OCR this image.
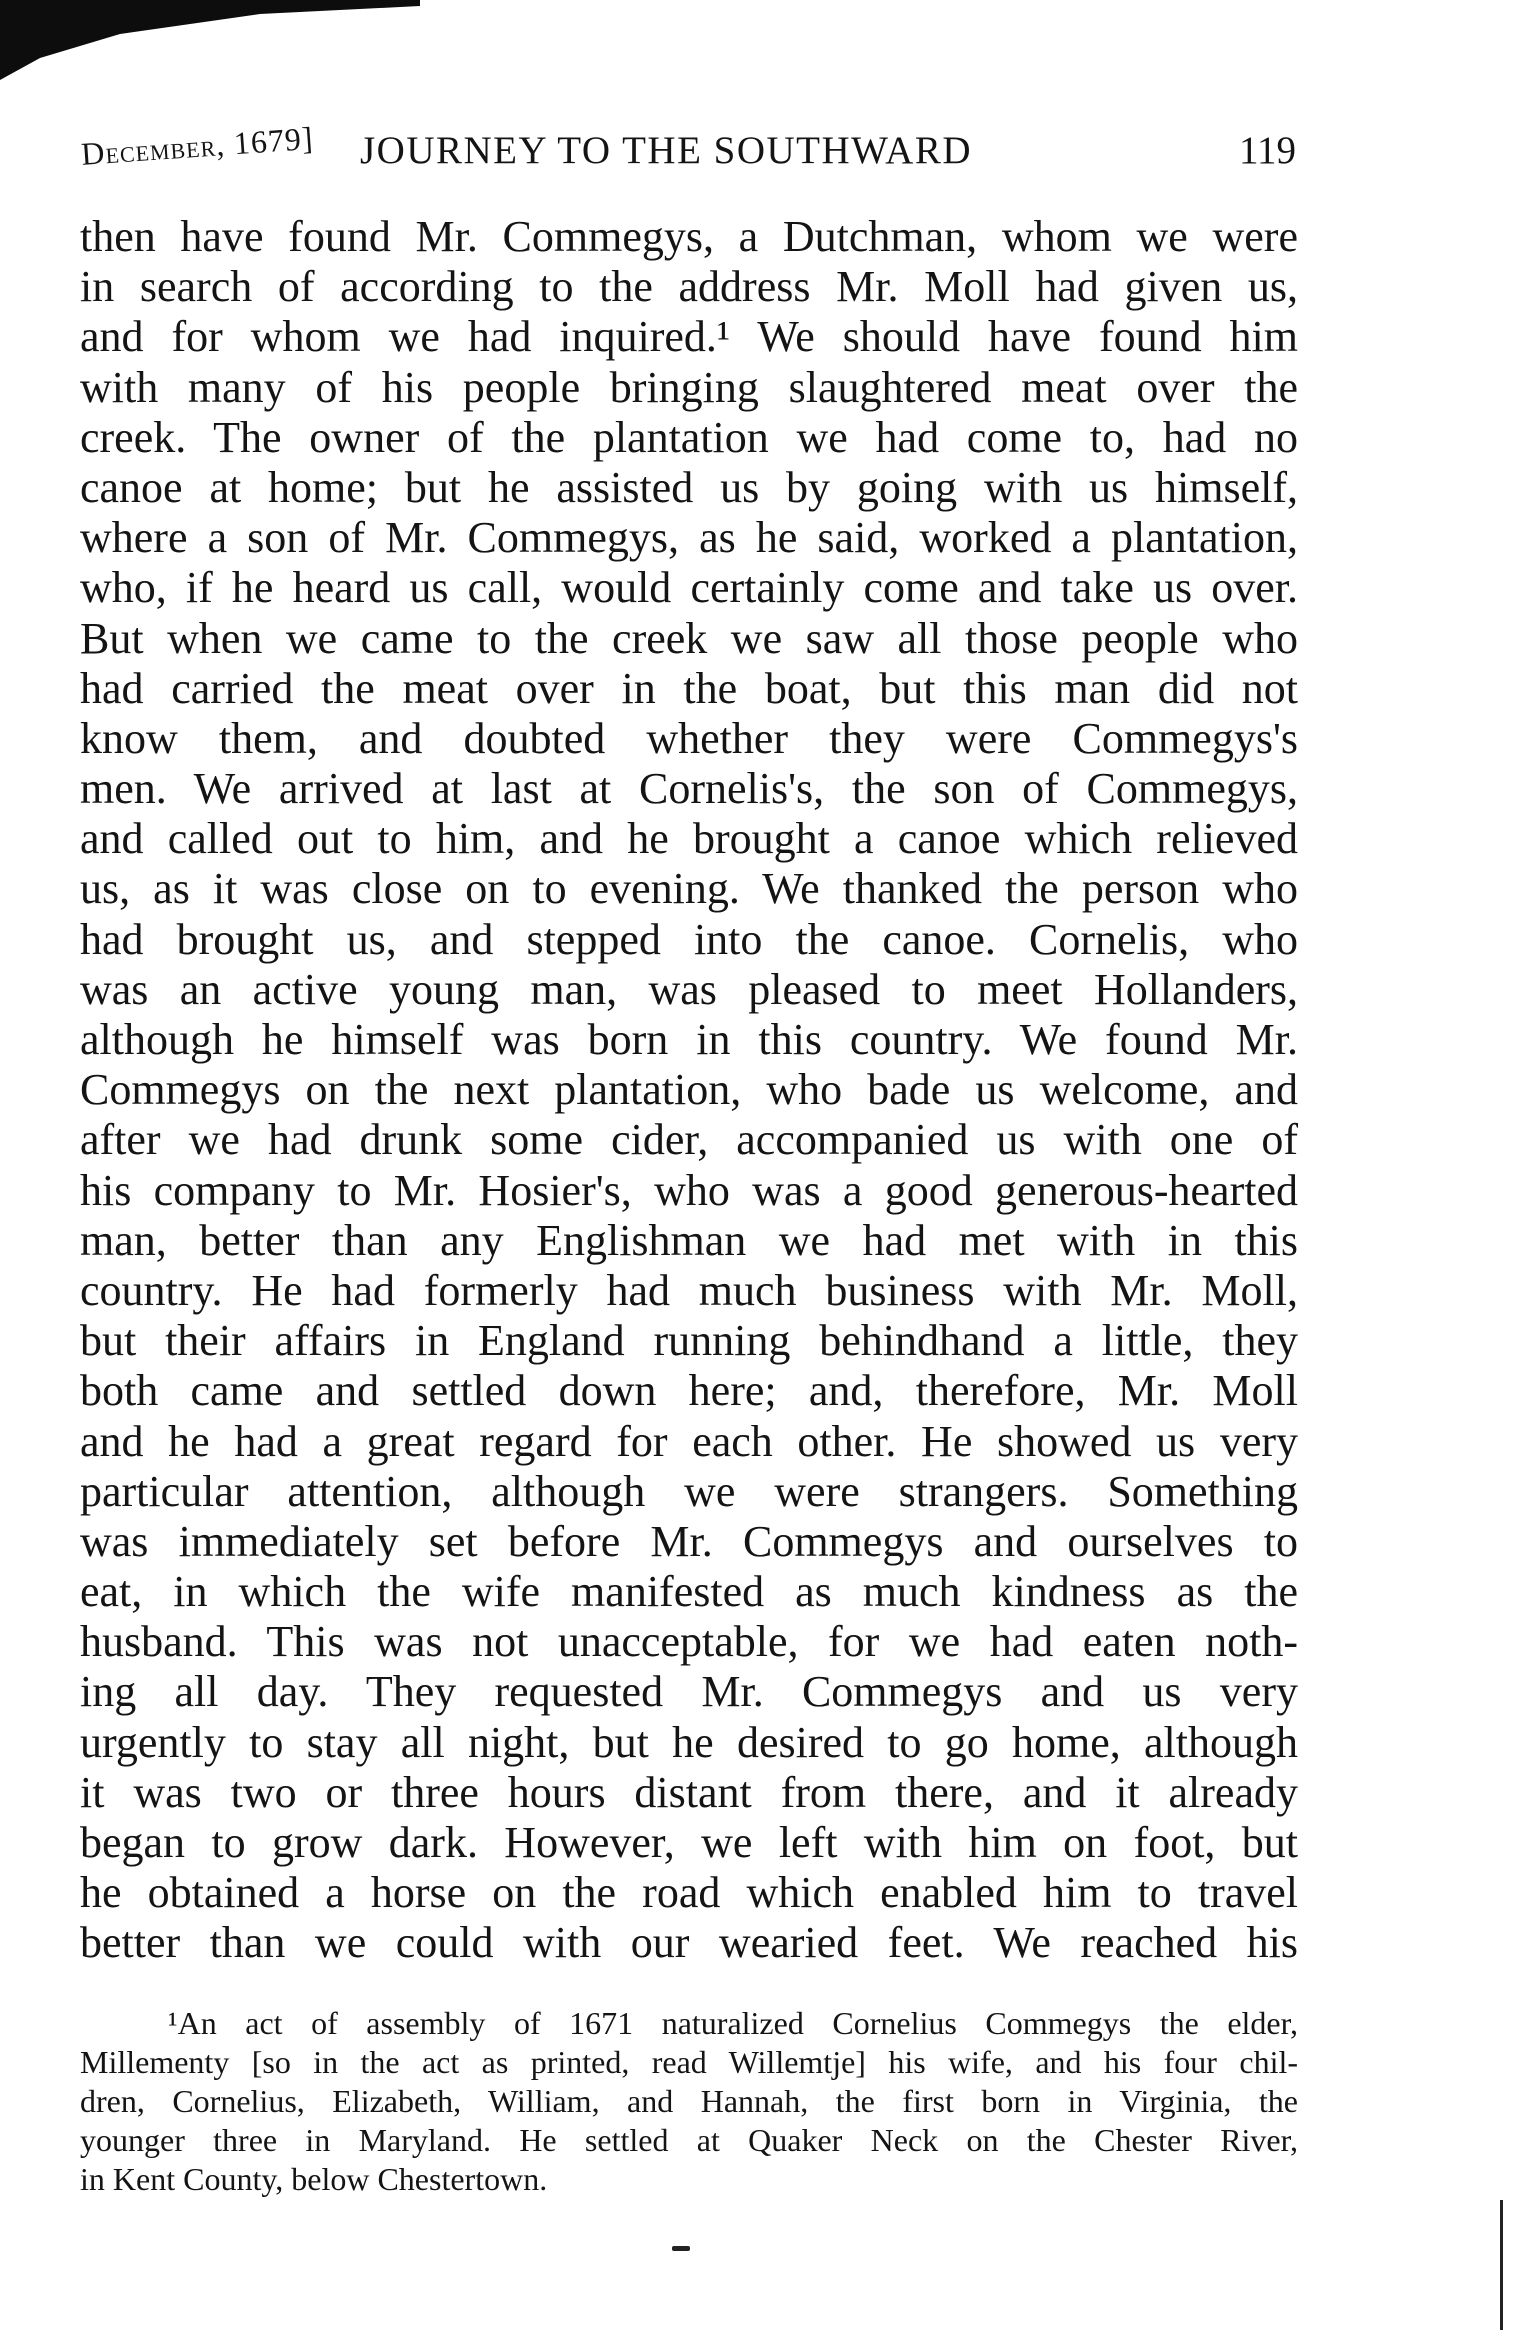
December, 1679] JOURNEY TO THE SOUTHWARD	119
then have found Mr. Commegys, a Dutchman, whom we were
in search of according to the address Mr. Moll had given us,
and for whom we had inquired.¹ We should have found him
with many of his people bringing slaughtered meat over the
creek. The owner of the plantation we had come to, had no
canoe at home; but he assisted us by going with us himself,
where a son of Mr. Commegys, as he said, worked a plantation,
who, if he heard us call, would certainly come and take us over.
But when we came to the creek we saw all those people who
had carried the meat over in the boat, but this man did not
know them, and doubted whether they were Commegys's
men. We arrived at last at Cornelis's, the son of Commegys,
and called out to him, and he brought a canoe which relieved
us, as it was close on to evening. We thanked the person who
had brought us, and stepped into the canoe. Cornelis, who
was an active young man, was pleased to meet Hollanders,
although he himself was born in this country. We found Mr.
Commegys on the next plantation, who bade us welcome, and
after we had drunk some cider, accompanied us with one of
his company to Mr. Hosier's, who was a good generous-hearted
man, better than any Englishman we had met with in this
country. He had formerly had much business with Mr. Moll,
but their affairs in England running behindhand a little, they
both came and settled down here; and, therefore, Mr. Moll
and he had a great regard for each other. He showed us very
particular attention, although we were strangers. Something
was immediately set before Mr. Commegys and ourselves to
eat, in which the wife manifested as much kindness as the
husband. This was not unacceptable, for we had eaten noth-
ing all day. They requested Mr. Commegys and us very
urgently to stay all night, but he desired to go home, although
it was two or three hours distant from there, and it already
began to grow dark. However, we left with him on foot, but
he obtained a horse on the road which enabled him to travel
better than we could with our wearied feet. We reached his
¹An act of assembly of 1671 naturalized Cornelius Commegys the elder,
Millementy [so in the act as printed, read Willemtje] his wife, and his four chil-
dren, Cornelius, Elizabeth, William, and Hannah, the first born in Virginia, the
younger three in Maryland. He settled at Quaker Neck on the Chester River,
in Kent County, below Chestertown.
